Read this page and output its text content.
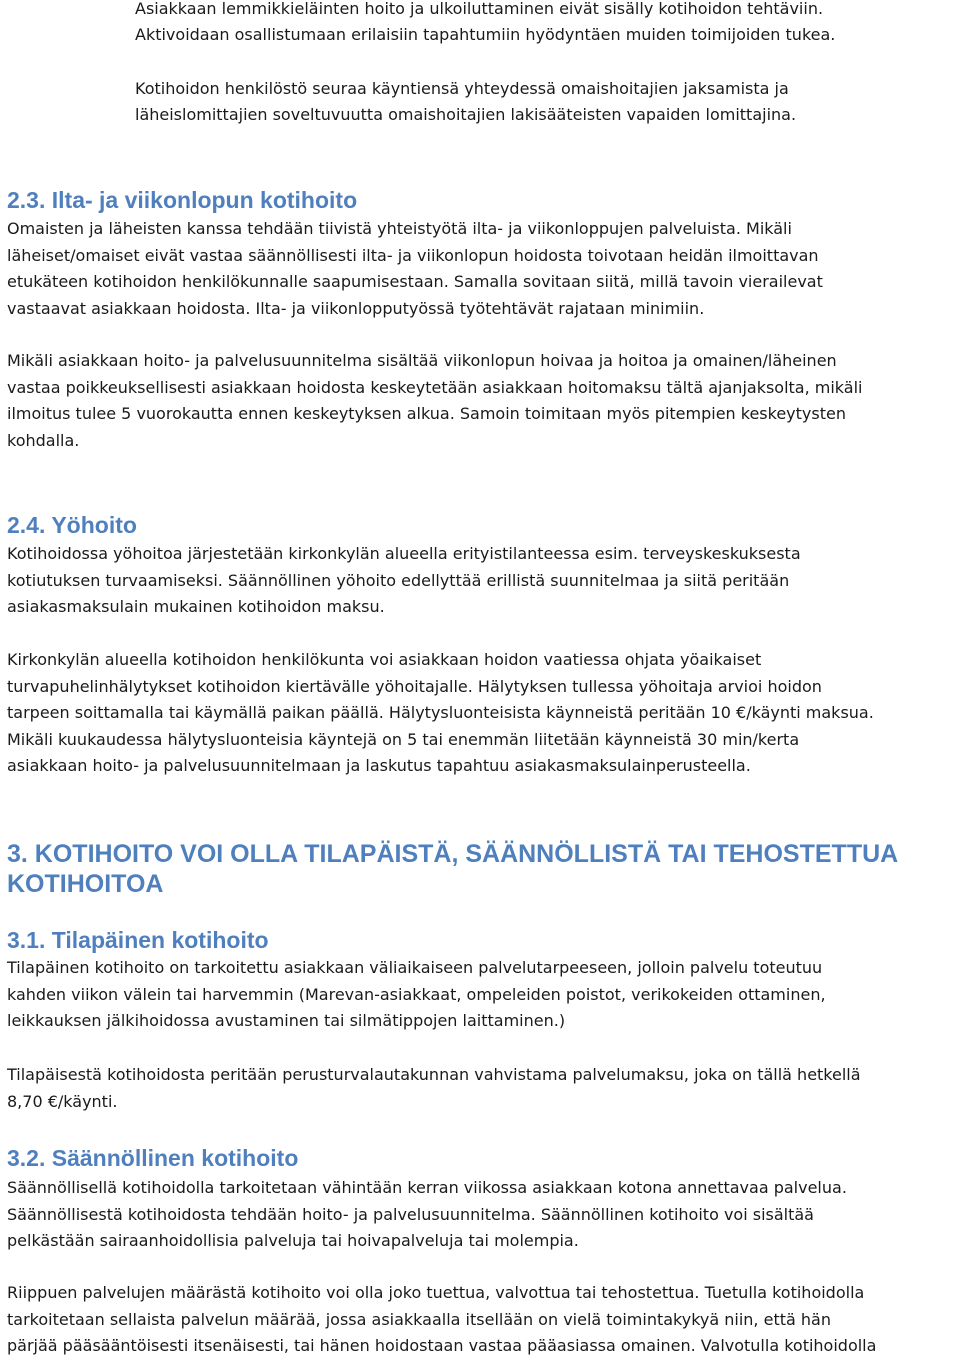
Asiakkaan lemmikkieläinten hoito ja ulkoiluttaminen eivät sisälly kotihoidon tehtäviin.
Aktivoidaan osallistumaan erilaisiin tapahtumiin hyödyntäen muiden toimijoiden tukea.
Kotihoidon henkilöstö seuraa käyntiensä yhteydessä omaishoitajien jaksamista ja
läheislomittajien soveltuvuutta omaishoitajien lakisääteisten vapaiden lomittajina.
2.3. Ilta- ja viikonlopun kotihoito
Omaisten ja läheisten kanssa tehdään tiivistä yhteistyötä ilta- ja viikonloppujen palveluista. Mikäli
läheiset/omaiset eivät vastaa säännöllisesti ilta- ja viikonlopun hoidosta toivotaan heidän ilmoittavan
etukäteen kotihoidon henkilökunnalle saapumisestaan. Samalla sovitaan siitä, millä tavoin vierailevat
vastaavat asiakkaan hoidosta. Ilta- ja viikonlopputyössä työtehtävät rajataan minimiin.
Mikäli asiakkaan hoito- ja palvelusuunnitelma sisältää viikonlopun hoivaa ja hoitoa ja omainen/läheinen
vastaa poikkeuksellisesti asiakkaan hoidosta keskeytetään asiakkaan hoitomaksu tältä ajanjaksolta, mikäli
ilmoitus tulee 5 vuorokautta ennen keskeytyksen alkua. Samoin toimitaan myös pitempien keskeytysten
kohdalla.
2.4. Yöhoito
Kotihoidossa yöhoitoa järjestetään kirkonkylän alueella erityistilanteessa esim. terveyskeskuksesta
kotiutuksen turvaamiseksi. Säännöllinen yöhoito edellyttää erillistä suunnitelmaa ja siitä peritään
asiakasmaksulain mukainen kotihoidon maksu.
Kirkonkylän alueella kotihoidon henkilökunta voi asiakkaan hoidon vaatiessa ohjata yöaikaiset
turvapuhelinhälytykset kotihoidon kiertävälle yöhoitajalle. Hälytyksen tullessa yöhoitaja arvioi hoidon
tarpeen soittamalla tai käymällä paikan päällä. Hälytysluonteisista käynneistä peritään 10 €/käynti maksua.
Mikäli kuukaudessa hälytysluonteisia käyntejä on 5 tai enemmän liitetään käynneistä 30 min/kerta
asiakkaan hoito- ja palvelusuunnitelmaan ja laskutus tapahtuu asiakasmaksulainperusteella.
3. KOTIHOITO VOI OLLA TILAPÄISTÄ, SÄÄNNÖLLISTÄ TAI TEHOSTETTUA
KOTIHOITOA
3.1. Tilapäinen kotihoito
Tilapäinen kotihoito on tarkoitettu asiakkaan väliaikaiseen palvelutarpeeseen, jolloin palvelu toteutuu
kahden viikon välein tai harvemmin (Marevan-asiakkaat, ompeleiden poistot, verikokeiden ottaminen,
leikkauksen jälkihoidossa avustaminen tai silmätippojen laittaminen.)
Tilapäisestä kotihoidosta peritään perusturvalautakunnan vahvistama palvelumaksu, joka on tällä hetkellä
8,70 €/käynti.
3.2. Säännöllinen kotihoito
Säännöllisellä kotihoidolla tarkoitetaan vähintään kerran viikossa asiakkaan kotona annettavaa palvelua.
Säännöllisestä kotihoidosta tehdään hoito- ja palvelusuunnitelma. Säännöllinen kotihoito voi sisältää
pelkästään sairaanhoidollisia palveluja tai hoivapalveluja tai molempia.
Riippuen palvelujen määrästä kotihoito voi olla joko tuettua, valvottua tai tehostettua. Tuetulla kotihoidolla
tarkoitetaan sellaista palvelun määrää, jossa asiakkaalla itsellään on vielä toimintakykyä niin, että hän
pärjää pääsääntöisesti itsenäisesti, tai hänen hoidostaan vastaa pääasiassa omainen. Valvotulla kotihoidolla
